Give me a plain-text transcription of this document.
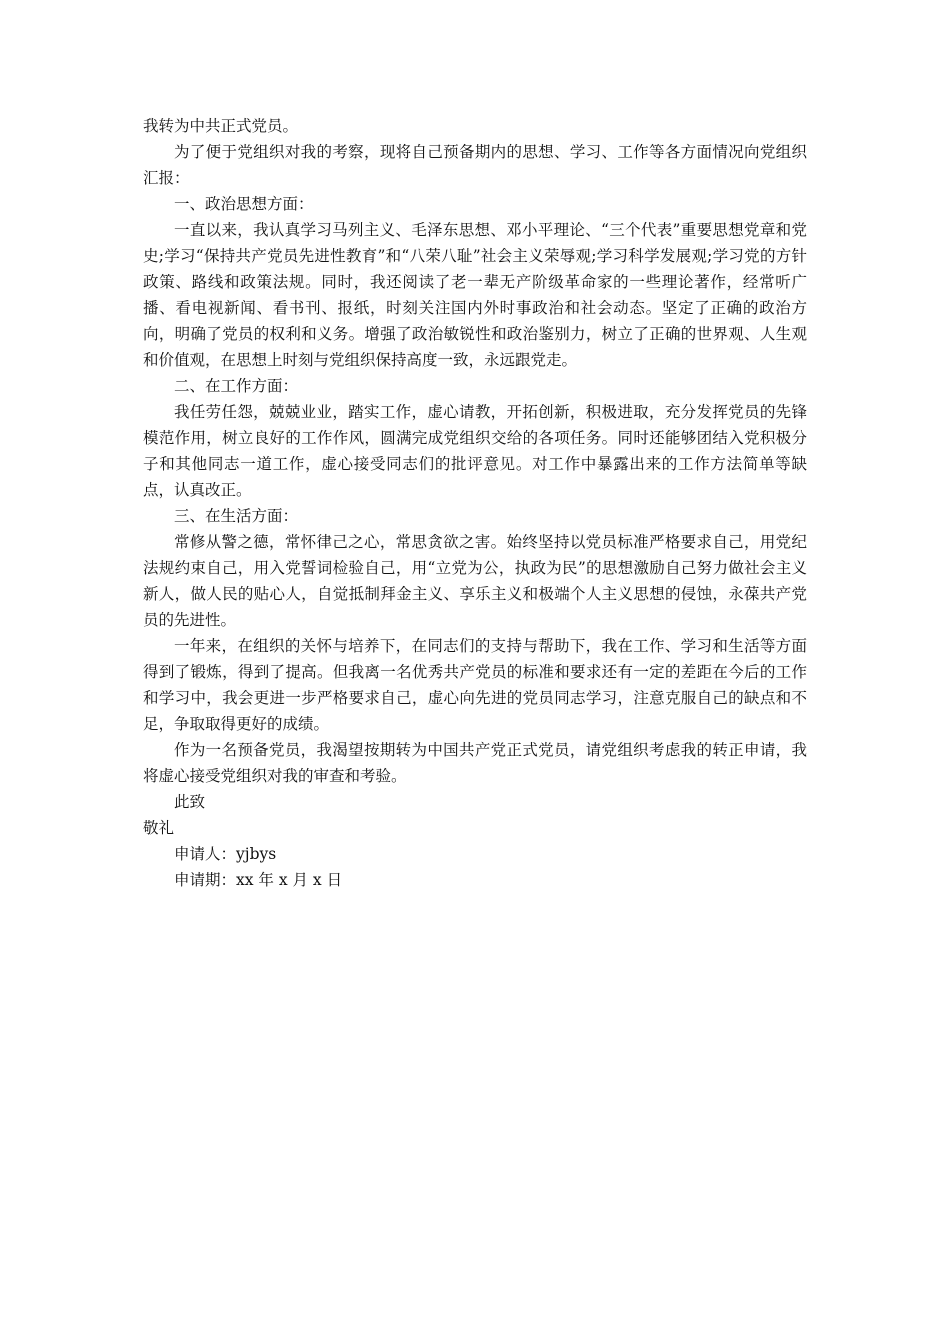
我转为中共正式党员。

为了便于党组织对我的考察，现将自己预备期内的思想、学习、工作等各方面情况向党组织汇报：

一、政治思想方面：

一直以来，我认真学习马列主义、毛泽东思想、邓小平理论、“三个代表”重要思想党章和党史;学习“保持共产党员先进性教育”和“八荣八耻”社会主义荣辱观;学习科学发展观;学习党的方针政策、路线和政策法规。同时，我还阅读了老一辈无产阶级革命家的一些理论著作，经常听广播、看电视新闻、看书刊、报纸，时刻关注国内外时事政治和社会动态。坚定了正确的政治方向，明确了党员的权利和义务。增强了政治敏锐性和政治鉴别力，树立了正确的世界观、人生观和价值观，在思想上时刻与党组织保持高度一致，永远跟党走。

二、在工作方面：

我任劳任怨，兢兢业业，踏实工作，虚心请教，开拓创新，积极进取，充分发挥党员的先锋模范作用，树立良好的工作作风，圆满完成党组织交给的各项任务。同时还能够团结入党积极分子和其他同志一道工作，虚心接受同志们的批评意见。对工作中暴露出来的工作方法简单等缺点，认真改正。

三、在生活方面：

常修从警之德，常怀律己之心，常思贪欲之害。始终坚持以党员标准严格要求自己，用党纪法规约束自己，用入党誓词检验自己，用“立党为公，执政为民”的思想激励自己努力做社会主义新人，做人民的贴心人，自觉抵制拜金主义、享乐主义和极端个人主义思想的侵蚀，永葆共产党员的先进性。

一年来，在组织的关怀与培养下，在同志们的支持与帮助下，我在工作、学习和生活等方面得到了锻炼，得到了提高。但我离一名优秀共产党员的标准和要求还有一定的差距在今后的工作和学习中，我会更进一步严格要求自己，虚心向先进的党员同志学习，注意克服自己的缺点和不足，争取取得更好的成绩。

作为一名预备党员，我渴望按期转为中国共产党正式党员，请党组织考虑我的转正申请，我将虚心接受党组织对我的审查和考验。

此致

敬礼

申请人：yjbys

申请期：xx 年 x 月 x 日
